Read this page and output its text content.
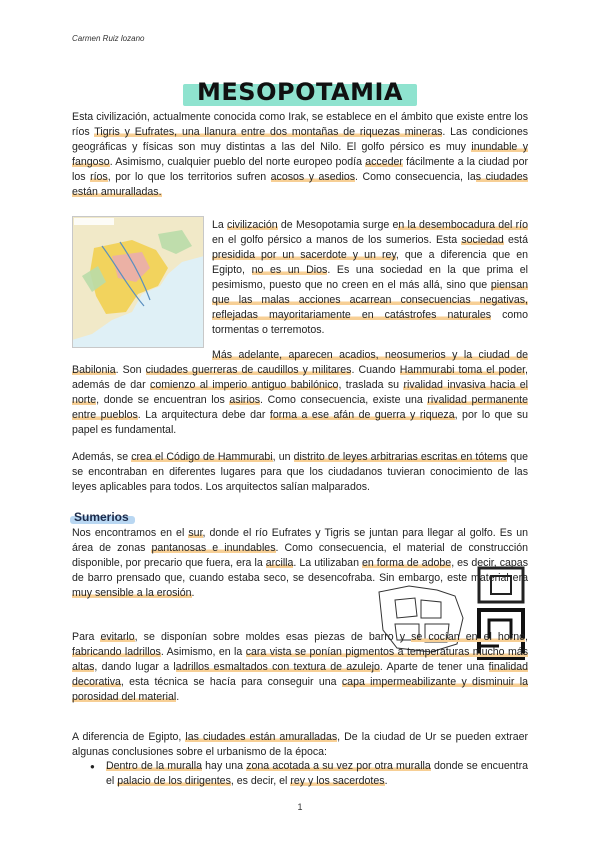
Carmen Ruiz lozano
MESOPOTAMIA

Esta civilización, actualmente conocida como Irak, se establece en el ámbito que existe entre los ríos Tigris y Eufrates, una llanura entre dos montañas de riquezas mineras. Las condiciones geográficas y físicas son muy distintas a las del Nilo. El golfo pérsico es muy inundable y fangoso. Asimismo, cualquier pueblo del norte europeo podía acceder fácilmente a la ciudad por los ríos, por lo que los territorios sufren acosos y asedios. Como consecuencia, las ciudades están amuralladas.

La civilización de Mesopotamia surge en la desembocadura del río en el golfo pérsico a manos de los sumerios. Esta sociedad está presidida por un sacerdote y un rey, que a diferencia que en Egipto, no es un Dios. Es una sociedad en la que prima el pesimismo, puesto que no creen en el más allá, sino que piensan que las malas acciones acarrean consecuencias negativas, reflejadas mayoritariamente en catástrofes naturales como tormentas o terremotos.

Más adelante, aparecen acadios, neosumerios y la ciudad de Babilonia. Son ciudades guerreras de caudillos y militares. Cuando Hammurabi toma el poder, además de dar comienzo al imperio antiguo babilónico, traslada su rivalidad invasiva hacia el norte, donde se encuentran los asirios. Como consecuencia, existe una rivalidad permanente entre pueblos. La arquitectura debe dar forma a ese afán de guerra y riqueza, por lo que su papel es fundamental.

Además, se crea el Código de Hammurabi, un distrito de leyes arbitrarias escritas en tótems que se encontraban en diferentes lugares para que los ciudadanos tuvieran conocimiento de las leyes aplicables para todos. Los arquitectos salían malparados.

Sumerios

Nos encontramos en el sur, donde el río Eufrates y Tigris se juntan para llegar al golfo. Es un área de zonas pantanosas e inundables. Como consecuencia, el material de construcción disponible, por precario que fuera, era la arcilla. La utilizaban en forma de adobe, es decir, capas de barro prensado que, cuando estaba seco, se desencofraba. Sin embargo, este material era muy sensible a la erosión.

Para evitarlo, se disponían sobre moldes esas piezas de barro y se cocían en el horno, fabricando ladrillos. Asimismo, en la cara vista se ponían pigmentos a temperaturas mucho más altas, dando lugar a ladrillos esmaltados con textura de azulejo. Aparte de tener una finalidad decorativa, esta técnica se hacía para conseguir una capa impermeabilizante y disminuir la porosidad del material.

A diferencia de Egipto, las ciudades están amuralladas, De la ciudad de Ur se pueden extraer algunas conclusiones sobre el urbanismo de la época:

● Dentro de la muralla hay una zona acotada a su vez por otra muralla donde se encuentra el palacio de los dirigentes, es decir, el rey y los sacerdotes.
1
